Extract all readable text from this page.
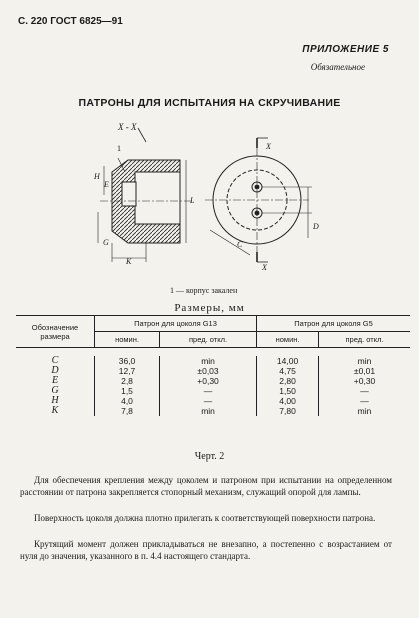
С. 220 ГОСТ 6825—91
ПРИЛОЖЕНИЕ 5
Обязательное
ПАТРОНЫ ДЛЯ ИСПЫТАНИЯ НА СКРУЧИВАНИЕ
X - X
1
H
E
G
K
L
D
C
X
X
1 — корпус закален
Размеры, мм
Обозначение размера	Патрон для цоколя G13		Патрон для цоколя G5	
	номин.	пред. откл.	номин.	пред. откл.

C	36,0	min	14,00	min
D	12,7	±0,03	4,75	±0,01
E	2,8	+0,30	2,80	+0,30
G	1,5	—	1,50	—
H	4,0	—	4,00	—
K	7,8	min	7,80	min

Черт. 2
Для обеспечения крепления между цоколем и патроном при испытании на определенном расстоянии от патрона закрепляется стопорный механизм, служащий опорой для лампы.
Поверхность цоколя должна плотно прилегать к соответствующей поверхности патрона.
Крутящий момент должен прикладываться не внезапно, а постепенно с возрастанием от нуля до значения, указанного в п. 4.4 настоящего стандарта.
